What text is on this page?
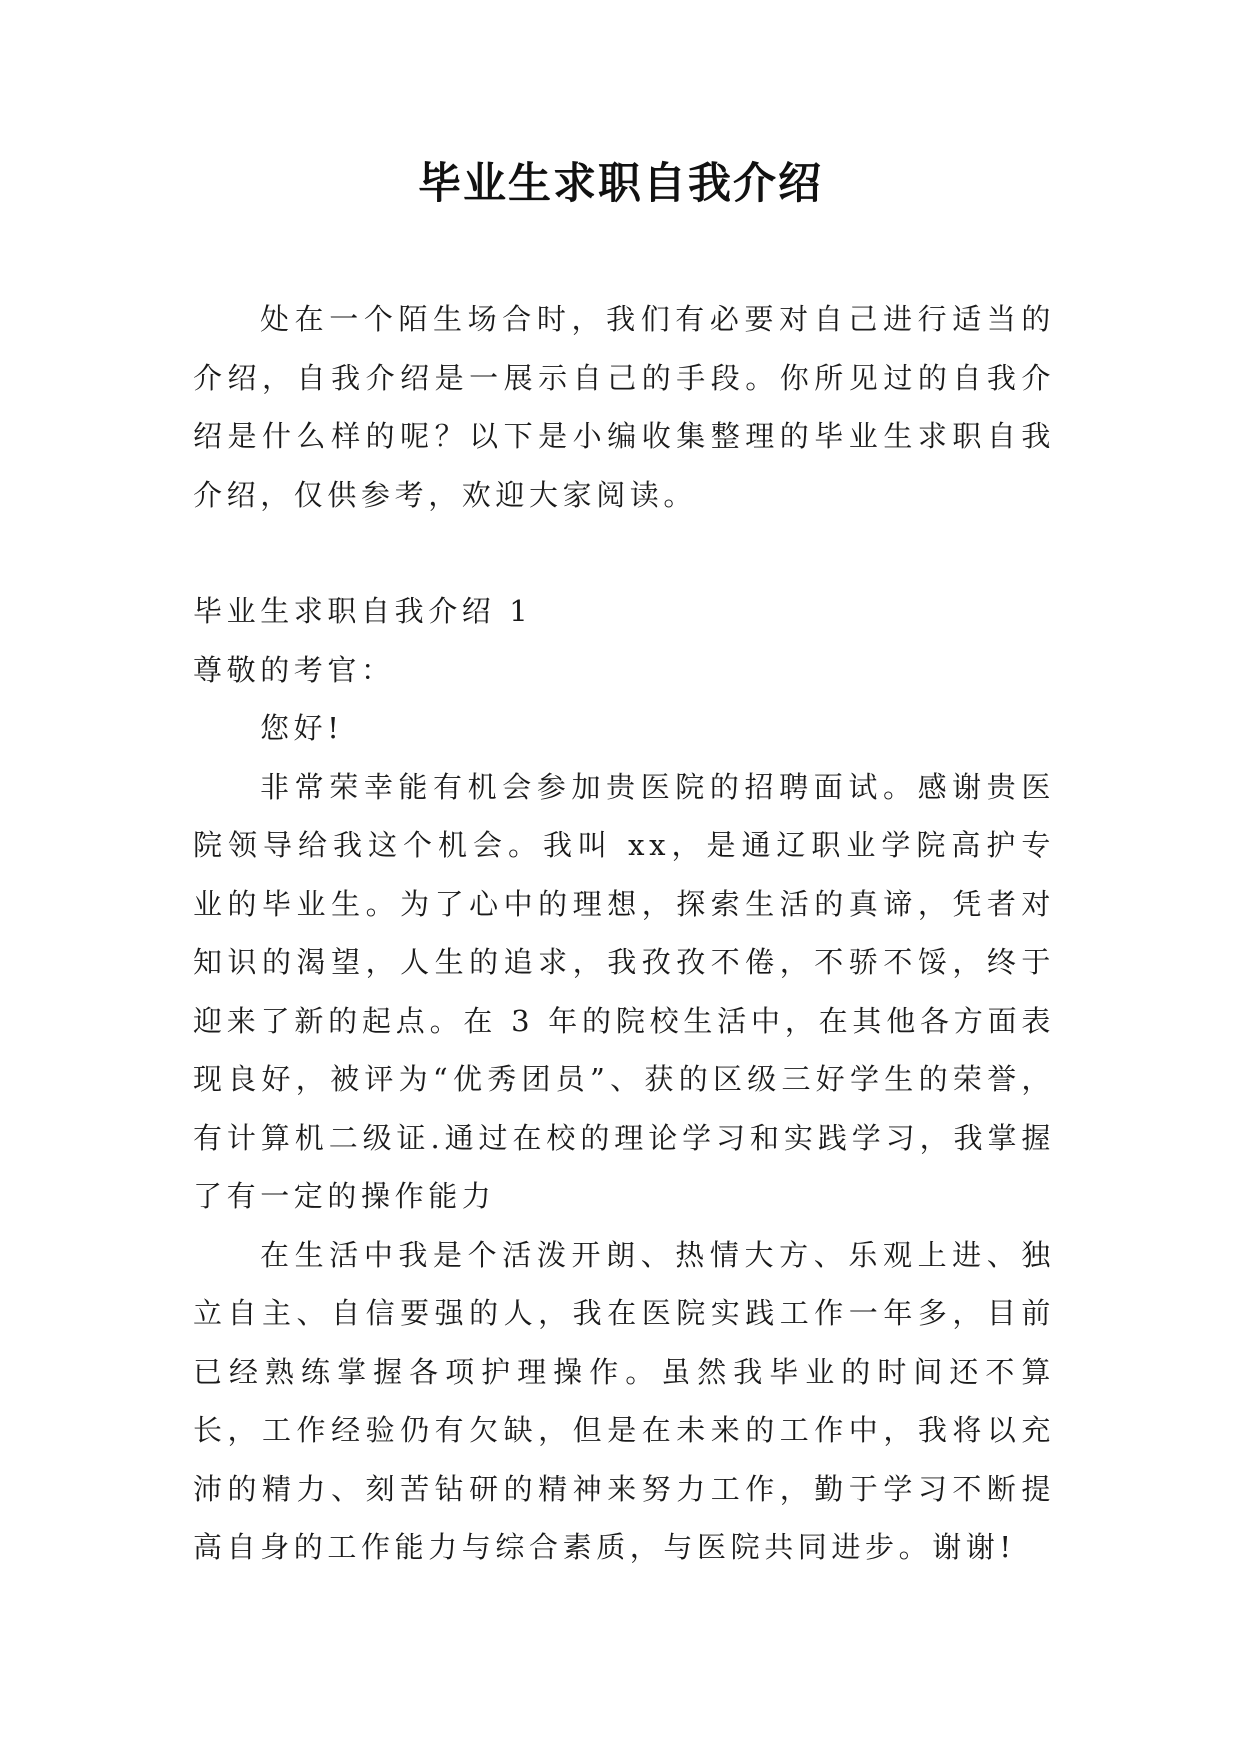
毕业生求职自我介绍

处在一个陌生场合时，我们有必要对自己进行适当的介绍，自我介绍是一展示自己的手段。你所见过的自我介绍是什么样的呢？以下是小编收集整理的毕业生求职自我介绍，仅供参考，欢迎大家阅读。

毕业生求职自我介绍 1

尊敬的考官：

您好!

非常荣幸能有机会参加贵医院的招聘面试。感谢贵医院领导给我这个机会。我叫 xx，是通辽职业学院高护专业的毕业生。为了心中的理想，探索生活的真谛，凭者对知识的渴望，人生的追求，我孜孜不倦，不骄不馁，终于迎来了新的起点。在 3 年的院校生活中，在其他各方面表现良好，被评为“优秀团员”、获的区级三好学生的荣誉，有计算机二级证.通过在校的理论学习和实践学习，我掌握了有一定的操作能力

在生活中我是个活泼开朗、热情大方、乐观上进、独立自主、自信要强的人，我在医院实践工作一年多，目前已经熟练掌握各项护理操作。虽然我毕业的时间还不算长，工作经验仍有欠缺，但是在未来的工作中，我将以充沛的精力、刻苦钻研的精神来努力工作，勤于学习不断提高自身的工作能力与综合素质，与医院共同进步。谢谢!
